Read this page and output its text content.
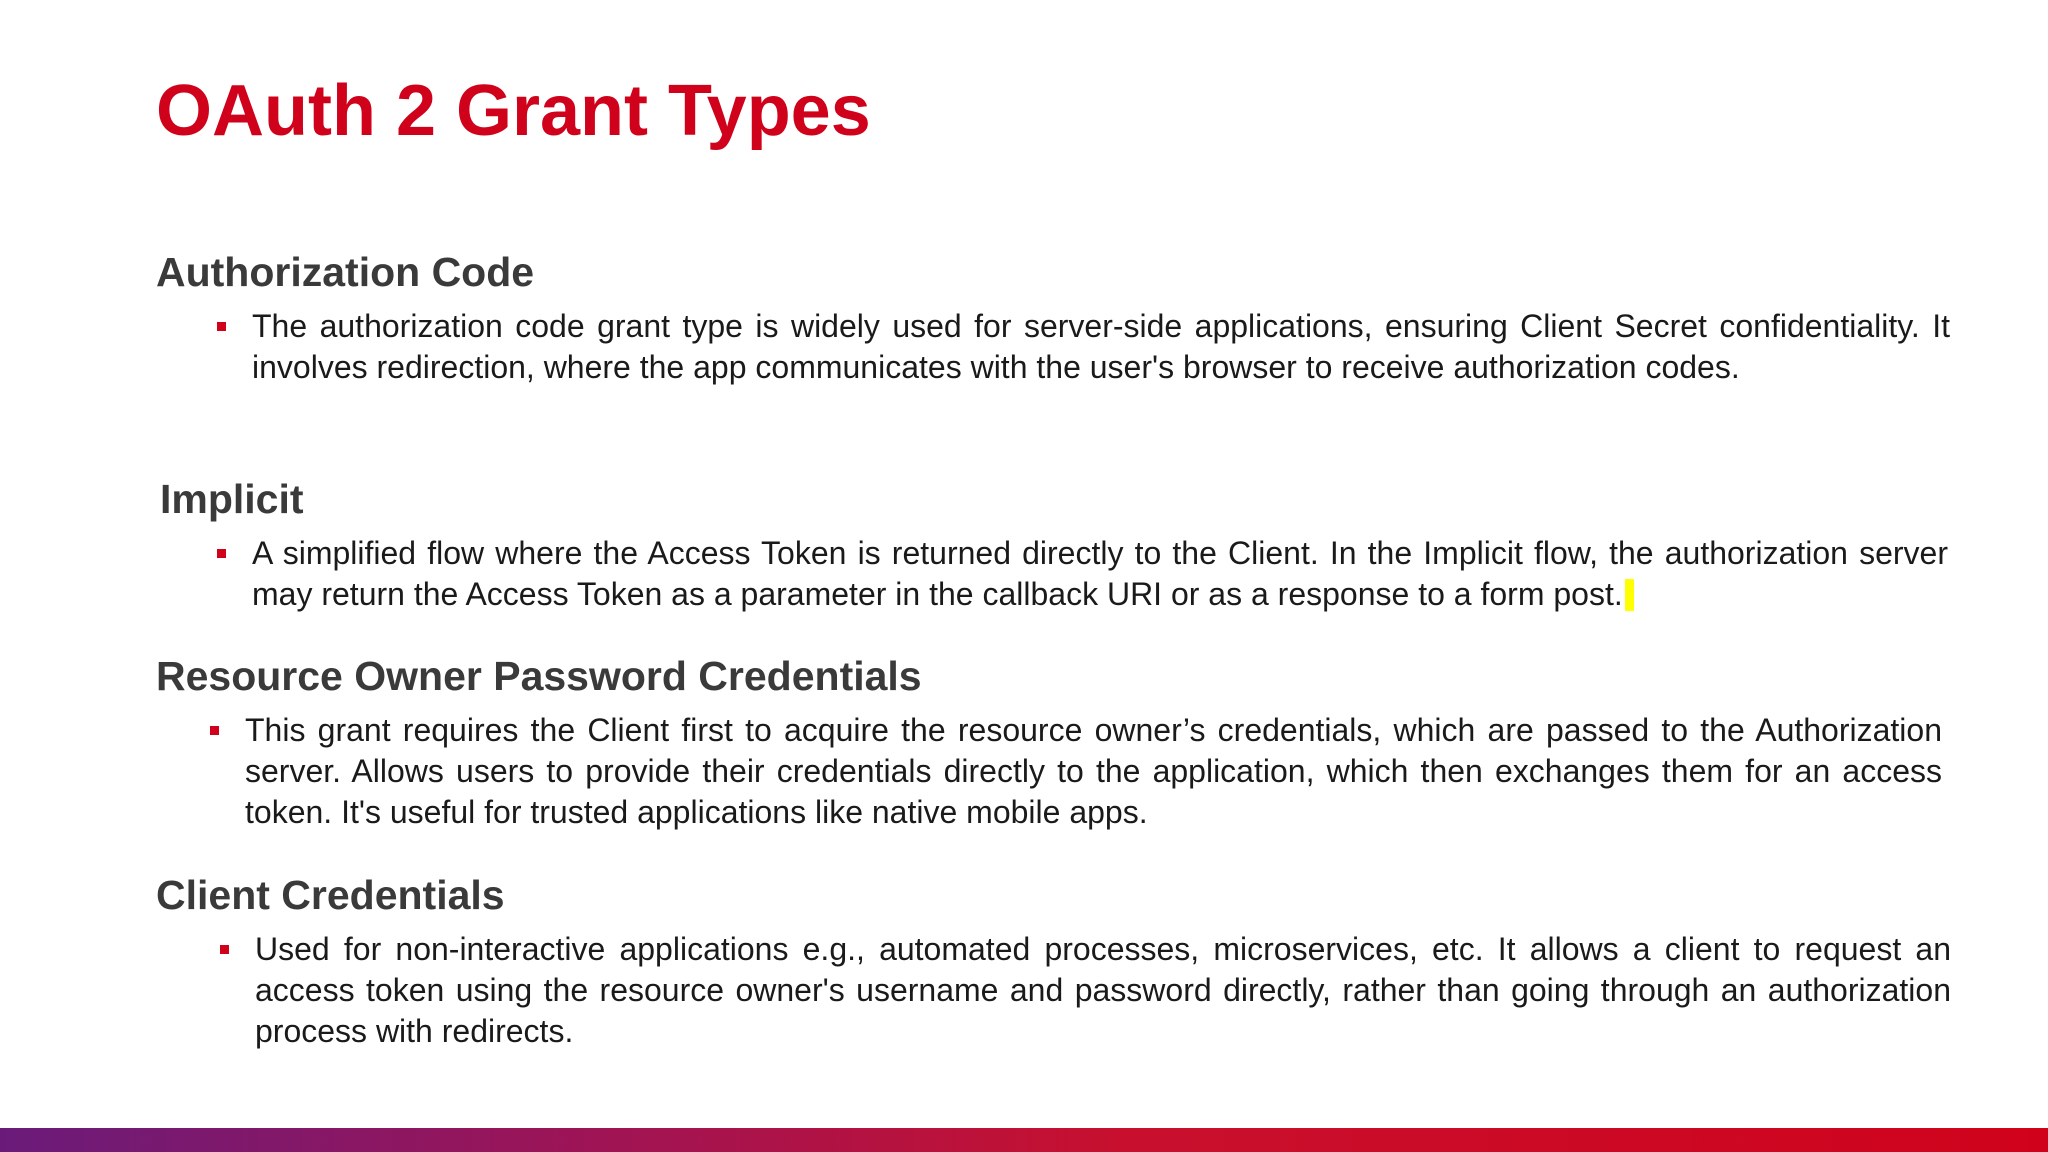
OAuth 2 Grant Types
Authorization Code
The authorization code grant type is widely used for server-side applications, ensuring Client Secret confidentiality. It involves redirection, where the app communicates with the user's browser to receive authorization codes.
Implicit
A simplified flow where the Access Token is returned directly to the Client. In the Implicit flow, the authorization server may return the Access Token as a parameter in the callback URI or as a response to a form post.
Resource Owner Password Credentials
This grant requires the Client first to acquire the resource owner’s credentials, which are passed to the Authorization server. Allows users to provide their credentials directly to the application, which then exchanges them for an access token. It's useful for trusted applications like native mobile apps.
Client Credentials
Used for non-interactive applications e.g., automated processes, microservices, etc. It allows a client to request an access token using the resource owner's username and password directly, rather than going through an authorization process with redirects.
